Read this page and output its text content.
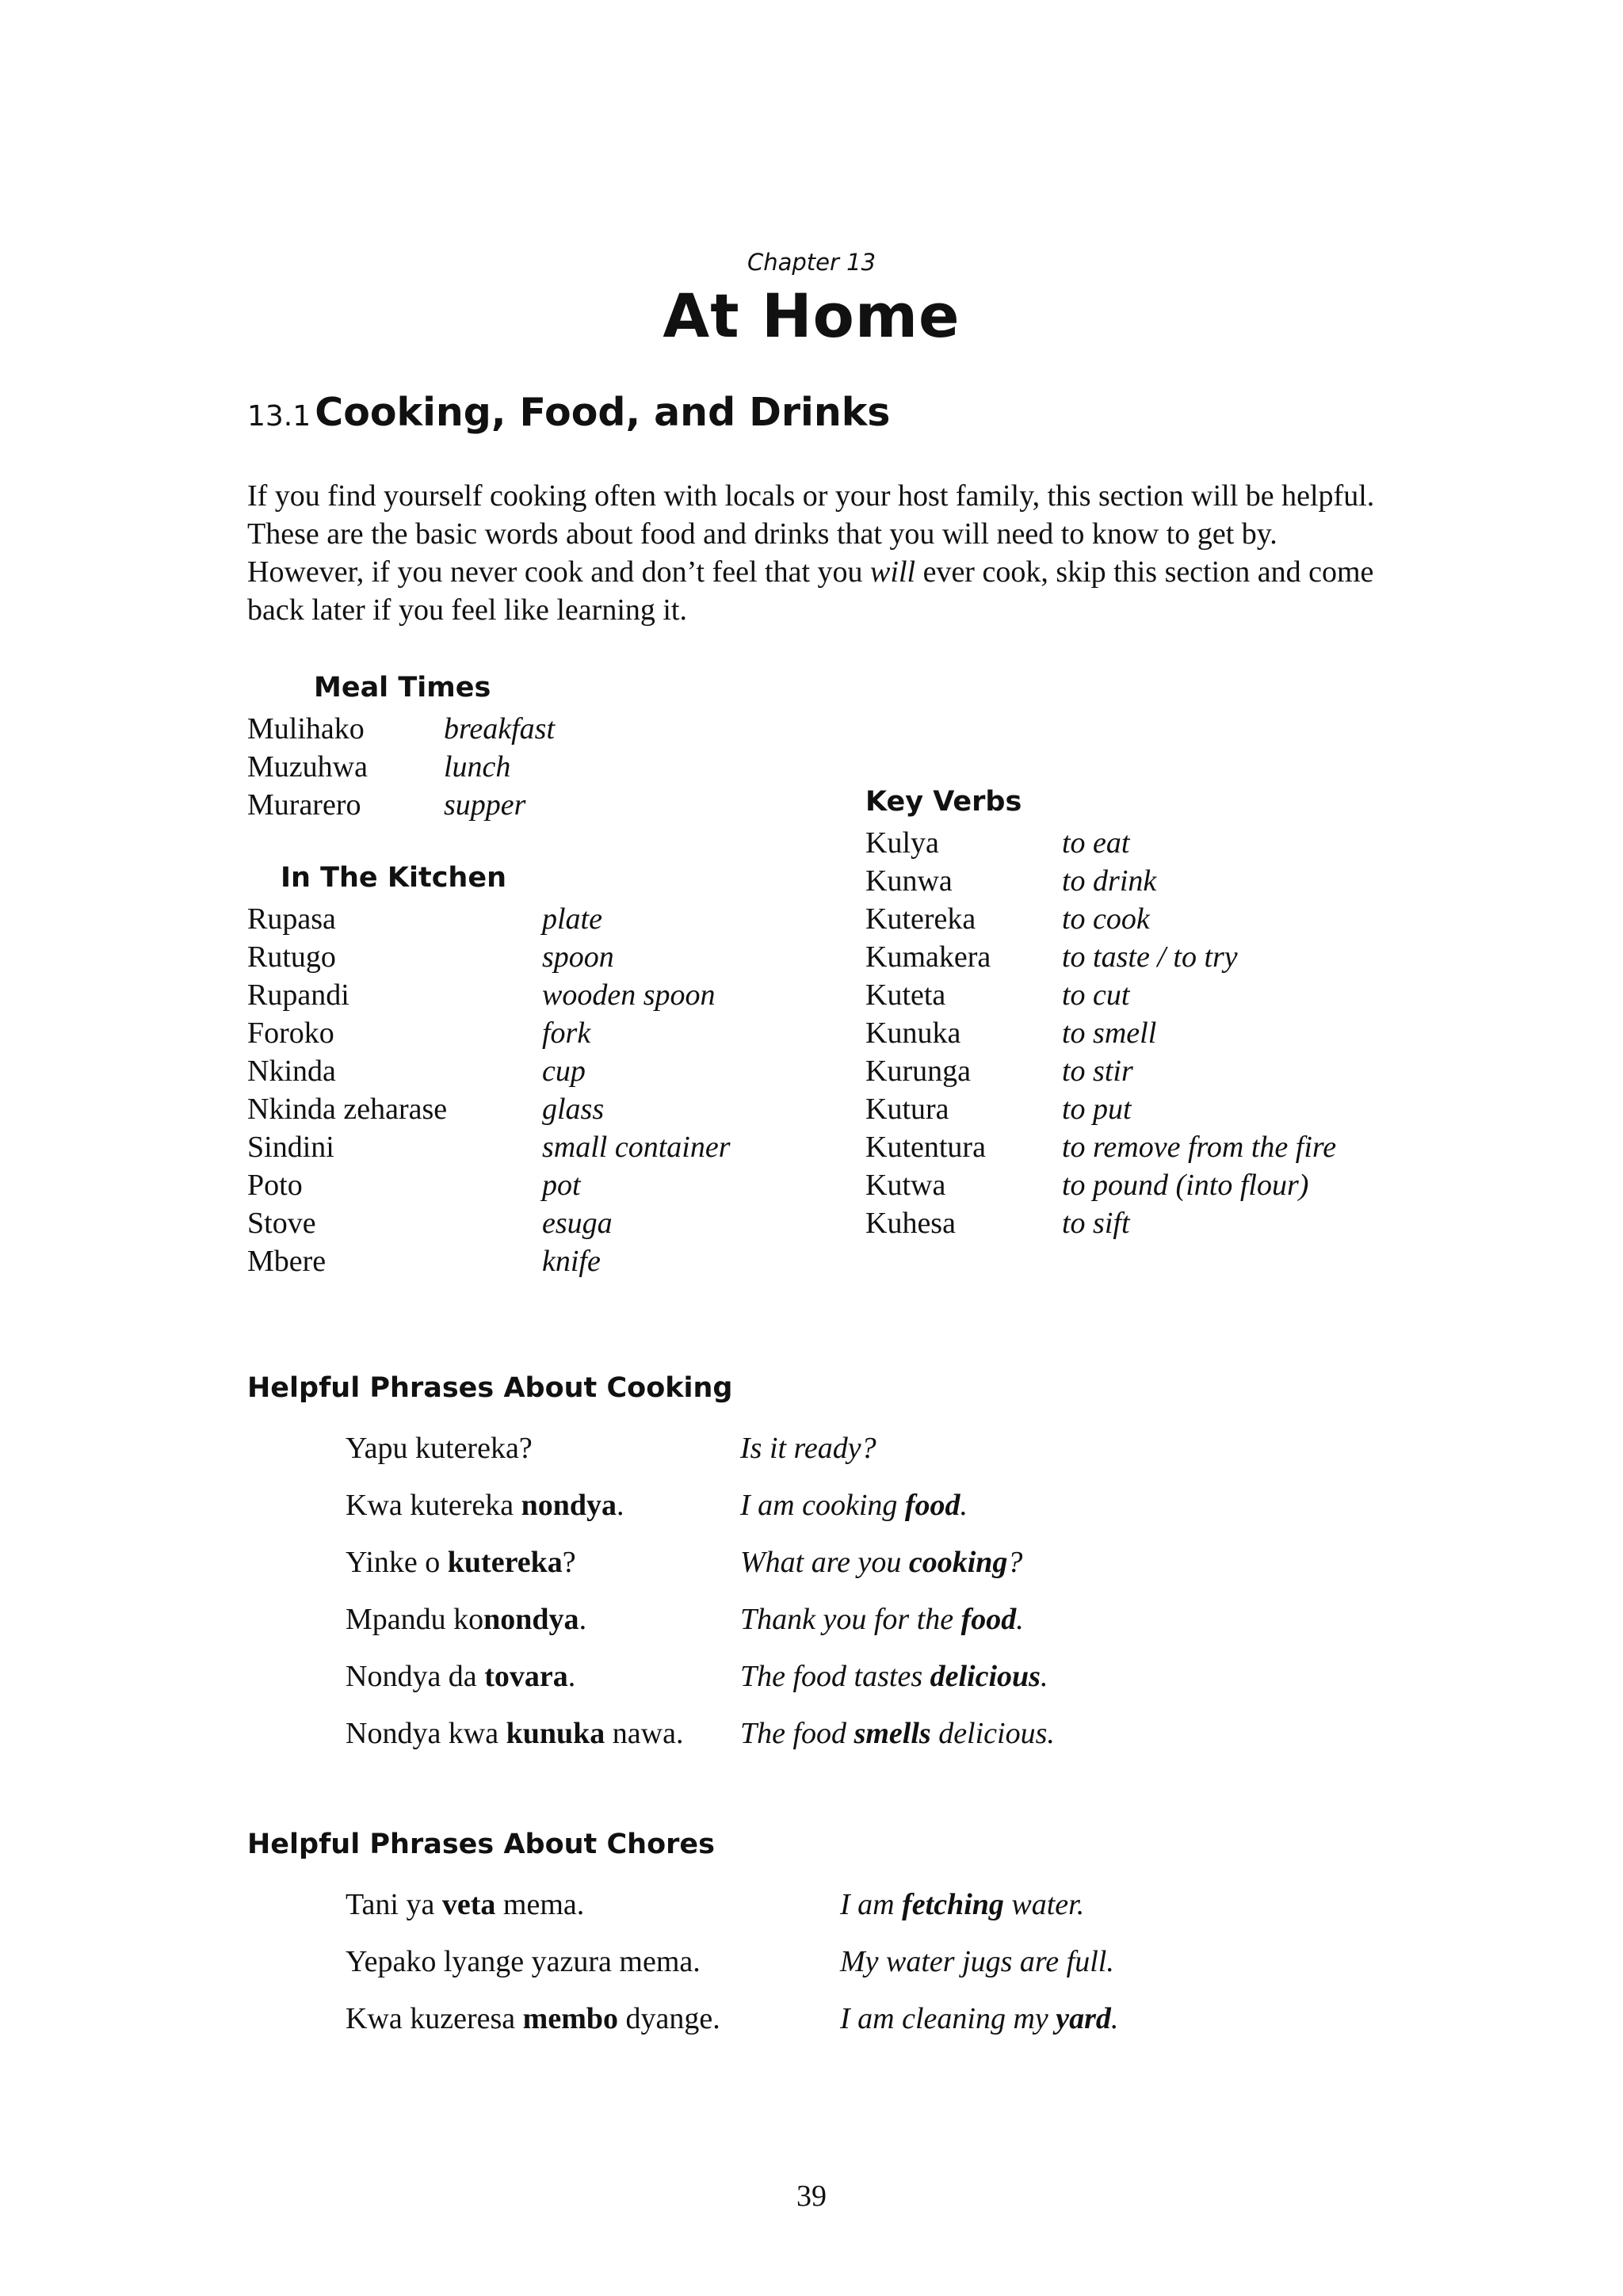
Chapter 13
At Home
13.1 Cooking, Food, and Drinks

If you find yourself cooking often with locals or your host family, this section will be helpful. These are the basic words about food and drinks that you will need to know to get by. However, if you never cook and don’t feel that you will ever cook, skip this section and come back later if you feel like learning it.

Meal Times
Mulihako	breakfast
Muzuhwa	lunch
Murarero	supper
In The Kitchen
Rupasa	plate
Rutugo	spoon
Rupandi	wooden spoon
Foroko	fork
Nkinda	cup
Nkinda zeharase	glass
Sindini	small container
Poto	pot
Stove	esuga
Mbere	knife
Key Verbs
Kulya	to eat
Kunwa	to drink
Kutereka	to cook
Kumakera	to taste / to try
Kuteta	to cut
Kunuka	to smell
Kurunga	to stir
Kutura	to put
Kutentura	to remove from the fire
Kutwa	to pound (into flour)
Kuhesa	to sift
Helpful Phrases About Cooking
Yapu kutereka?	Is it ready?
Kwa kutereka nondya.	I am cooking food.
Yinke o kutereka?	What are you cooking?
Mpandu konondya.	Thank you for the food.
Nondya da tovara.	The food tastes delicious.
Nondya kwa kunuka nawa.	The food smells delicious.
Helpful Phrases About Chores
Tani ya veta mema.	I am fetching water.
Yepako lyange yazura mema.	My water jugs are full.
Kwa kuzeresa membo dyange.	I am cleaning my yard.
39
